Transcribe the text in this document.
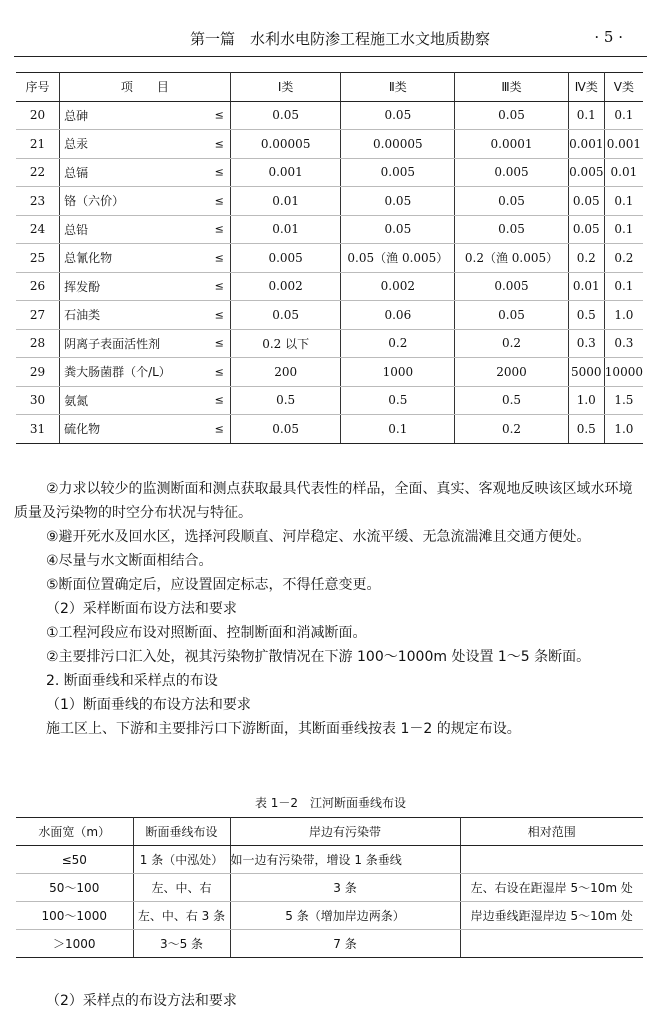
第一篇　水利水电防渗工程施工水文地质勘察	· 5 ·
序号	项　　目	Ⅰ类	Ⅱ类	Ⅲ类	Ⅳ类	Ⅴ类
20	总砷 ≤	0.05	0.05	0.05	0.1	0.1
21	总汞 ≤	0.00005	0.00005	0.0001	0.001	0.001
22	总镉 ≤	0.001	0.005	0.005	0.005	0.01
23	铬（六价） ≤	0.01	0.05	0.05	0.05	0.1
24	总铅 ≤	0.01	0.05	0.05	0.05	0.1
25	总氰化物 ≤	0.005	0.05（渔 0.005）	0.2（渔 0.005）	0.2	0.2
26	挥发酚 ≤	0.002	0.002	0.005	0.01	0.1
27	石油类 ≤	0.05	0.06	0.05	0.5	1.0
28	阴离子表面活性剂 ≤	0.2 以下	0.2	0.2	0.3	0.3
29	粪大肠菌群（个/L） ≤	200	1000	2000	5000	10000
30	氨氮 ≤	0.5	0.5	0.5	1.0	1.5
31	硫化物 ≤	0.05	0.1	0.2	0.5	1.0

②力求以较少的监测断面和测点获取最具代表性的样品，全面、真实、客观地反映该区域水环境质量及污染物的时空分布状况与特征。

⑨避开死水及回水区，选择河段顺直、河岸稳定、水流平缓、无急流湍滩且交通方便处。

④尽量与水文断面相结合。

⑤断面位置确定后，应设置固定标志，不得任意变更。

（2）采样断面布设方法和要求

①工程河段应布设对照断面、控制断面和消减断面。

②主要排污口汇入处，视其污染物扩散情况在下游 100～1000m 处设置 1～5 条断面。

2. 断面垂线和采样点的布设

（1）断面垂线的布设方法和要求

施工区上、下游和主要排污口下游断面，其断面垂线按表 1－2 的规定布设。

表 1－2　江河断面垂线布设
水面宽（m）	断面垂线布设	岸边有污染带	相对范围
≤50	1 条（中泓处）	如一边有污染带，增设 1 条垂线	
50～100	左、中、右	3 条	左、右设在距湿岸 5～10m 处
100～1000	左、中、右 3 条	5 条（增加岸边两条）	岸边垂线距湿岸边 5～10m 处
＞1000	3～5 条	7 条	
（2）采样点的布设方法和要求
